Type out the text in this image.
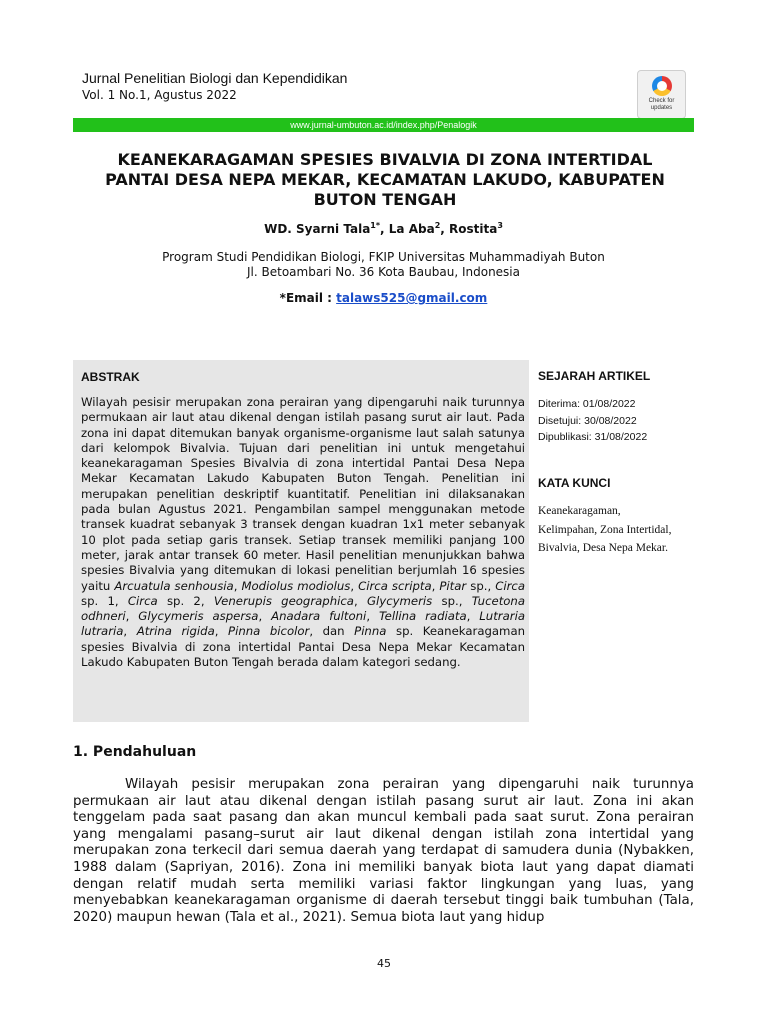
Jurnal Penelitian Biologi dan Kependidikan
Vol. 1 No.1, Agustus 2022	Check for
updates
www.jurnal-umbuton.ac.id/index.php/Penalogik
KEANEKARAGAMAN SPESIES BIVALVIA DI ZONA INTERTIDAL PANTAI DESA NEPA MEKAR, KECAMATAN LAKUDO, KABUPATEN BUTON TENGAH
WD. Syarni Tala$^{1*}$, La Aba$^2$, Rostita$^3$
Program Studi Pendidikan Biologi, FKIP Universitas Muhammadiyah Buton
Jl. Betoambari No. 36 Kota Baubau, Indonesia
*Email : talaws525@gmail.com
ABSTRAK
Wilayah pesisir merupakan zona perairan yang dipengaruhi naik turunnya permukaan air laut atau dikenal dengan istilah pasang surut air laut. Pada zona ini dapat ditemukan banyak organisme-organisme laut salah satunya dari kelompok Bivalvia. Tujuan dari penelitian ini untuk mengetahui keanekaragaman Spesies Bivalvia di zona intertidal Pantai Desa Nepa Mekar Kecamatan Lakudo Kabupaten Buton Tengah. Penelitian ini merupakan penelitian deskriptif kuantitatif. Penelitian ini dilaksanakan pada bulan Agustus 2021. Pengambilan sampel menggunakan metode transek kuadrat sebanyak 3 transek dengan kuadran 1x1 meter sebanyak 10 plot pada setiap garis transek. Setiap transek memiliki panjang 100 meter, jarak antar transek 60 meter. Hasil penelitian menunjukkan bahwa spesies Bivalvia yang ditemukan di lokasi penelitian berjumlah 16 spesies yaitu Arcuatula senhousia, Modiolus modiolus, Circa scripta, Pitar sp., Circa sp. 1, Circa sp. 2, Venerupis geographica, Glycymeris sp., Tucetona odhneri, Glycymeris aspersa, Anadara fultoni, Tellina radiata, Lutraria lutraria, Atrina rigida, Pinna bicolor, dan Pinna sp. Keanekaragaman spesies Bivalvia di zona intertidal Pantai Desa Nepa Mekar Kecamatan Lakudo Kabupaten Buton Tengah berada dalam kategori sedang.
SEJARAH ARTIKEL
Diterima: 01/08/2022
Disetujui: 30/08/2022
Dipublikasi: 31/08/2022
KATA KUNCI
Keanekaragaman,
Kelimpahan, Zona Intertidal,
Bivalvia, Desa Nepa Mekar.
1. Pendahuluan
Wilayah pesisir merupakan zona perairan yang dipengaruhi naik turunnya permukaan air laut atau dikenal dengan istilah pasang surut air laut. Zona ini akan tenggelam pada saat pasang dan akan muncul kembali pada saat surut. Zona perairan yang mengalami pasang–surut air laut dikenal dengan istilah zona intertidal yang merupakan zona terkecil dari semua daerah yang terdapat di samudera dunia (Nybakken, 1988 dalam (Sapriyan, 2016). Zona ini memiliki banyak biota laut yang dapat diamati dengan relatif mudah serta memiliki variasi faktor lingkungan yang luas, yang menyebabkan keanekaragaman organisme di daerah tersebut tinggi baik tumbuhan (Tala, 2020) maupun hewan (Tala et al., 2021). Semua biota laut yang hidup
45
